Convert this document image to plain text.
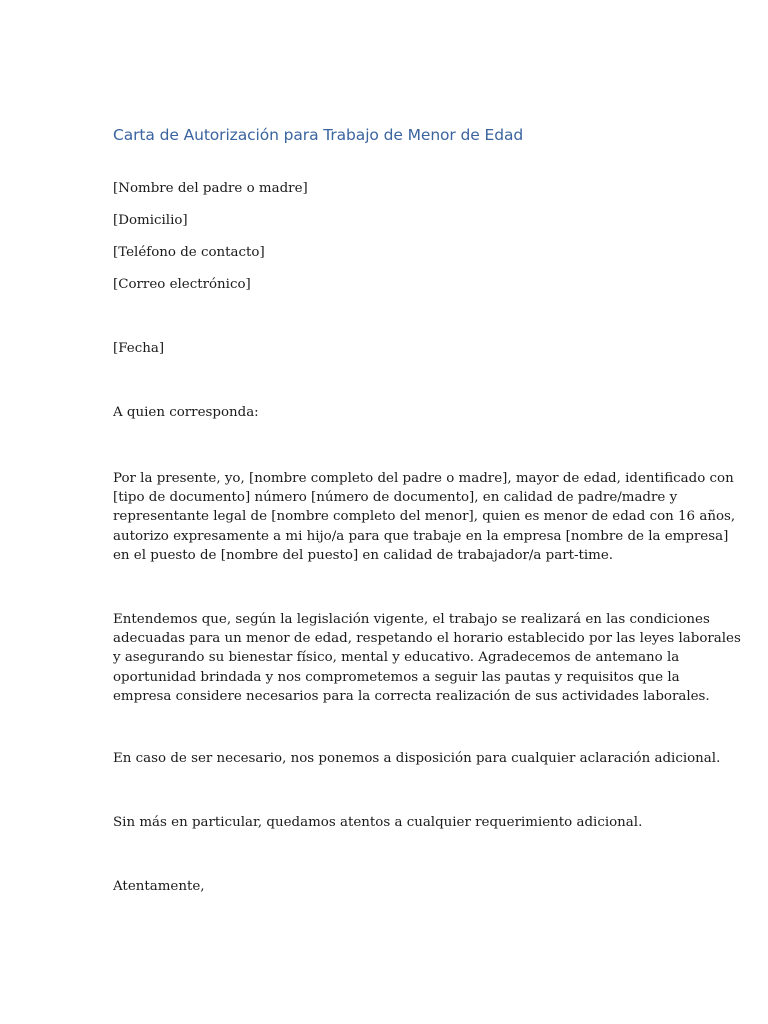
Carta de Autorización para Trabajo de Menor de Edad

[Nombre del padre o madre]

[Domicilio]

[Teléfono de contacto]

[Correo electrónico]

[Fecha]

A quien corresponda:

Por la presente, yo, [nombre completo del padre o madre], mayor de edad, identificado con
[tipo de documento] número [número de documento], en calidad de padre/madre y
representante legal de [nombre completo del menor], quien es menor de edad con 16 años,
autorizo expresamente a mi hijo/a para que trabaje en la empresa [nombre de la empresa]
en el puesto de [nombre del puesto] en calidad de trabajador/a part-time.
Entendemos que, según la legislación vigente, el trabajo se realizará en las condiciones
adecuadas para un menor de edad, respetando el horario establecido por las leyes laborales
y asegurando su bienestar físico, mental y educativo. Agradecemos de antemano la
oportunidad brindada y nos comprometemos a seguir las pautas y requisitos que la
empresa considere necesarios para la correcta realización de sus actividades laborales.

En caso de ser necesario, nos ponemos a disposición para cualquier aclaración adicional.

Sin más en particular, quedamos atentos a cualquier requerimiento adicional.

Atentamente,
